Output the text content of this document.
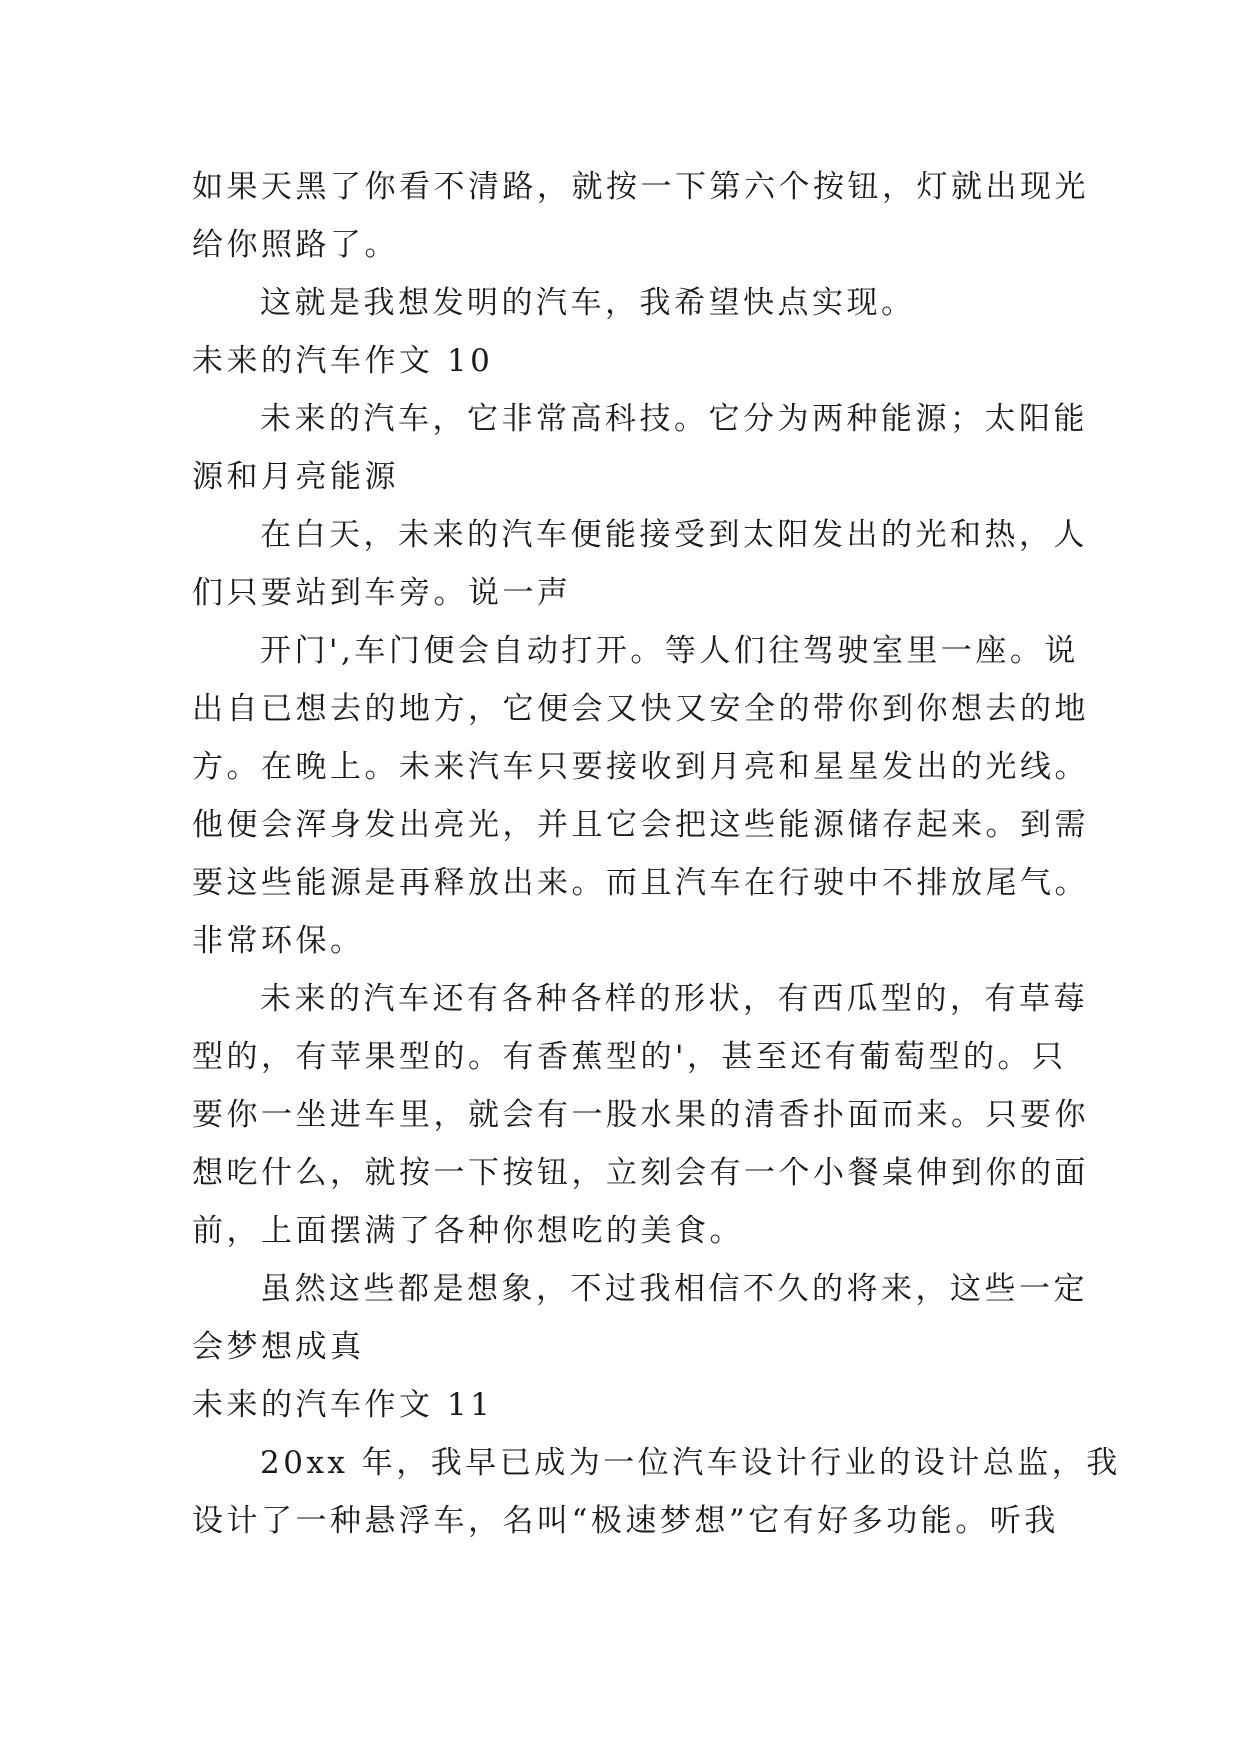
如果天黑了你看不清路，就按一下第六个按钮，灯就出现光
给你照路了。
这就是我想发明的汽车，我希望快点实现。
未来的汽车作文 10
未来的汽车，它非常高科技。它分为两种能源；太阳能
源和月亮能源
在白天，未来的汽车便能接受到太阳发出的光和热，人
们只要站到车旁。说一声
开门',车门便会自动打开。等人们往驾驶室里一座。说
出自已想去的地方，它便会又快又安全的带你到你想去的地
方。在晚上。未来汽车只要接收到月亮和星星发出的光线。
他便会浑身发出亮光，并且它会把这些能源储存起来。到需
要这些能源是再释放出来。而且汽车在行驶中不排放尾气。
非常环保。
未来的汽车还有各种各样的形状，有西瓜型的，有草莓
型的，有苹果型的。有香蕉型的'，甚至还有葡萄型的。只
要你一坐进车里，就会有一股水果的清香扑面而来。只要你
想吃什么，就按一下按钮，立刻会有一个小餐桌伸到你的面
前，上面摆满了各种你想吃的美食。
虽然这些都是想象，不过我相信不久的将来，这些一定
会梦想成真
未来的汽车作文 11
20xx 年，我早已成为一位汽车设计行业的设计总监，我
设计了一种悬浮车，名叫“极速梦想”它有好多功能。听我
